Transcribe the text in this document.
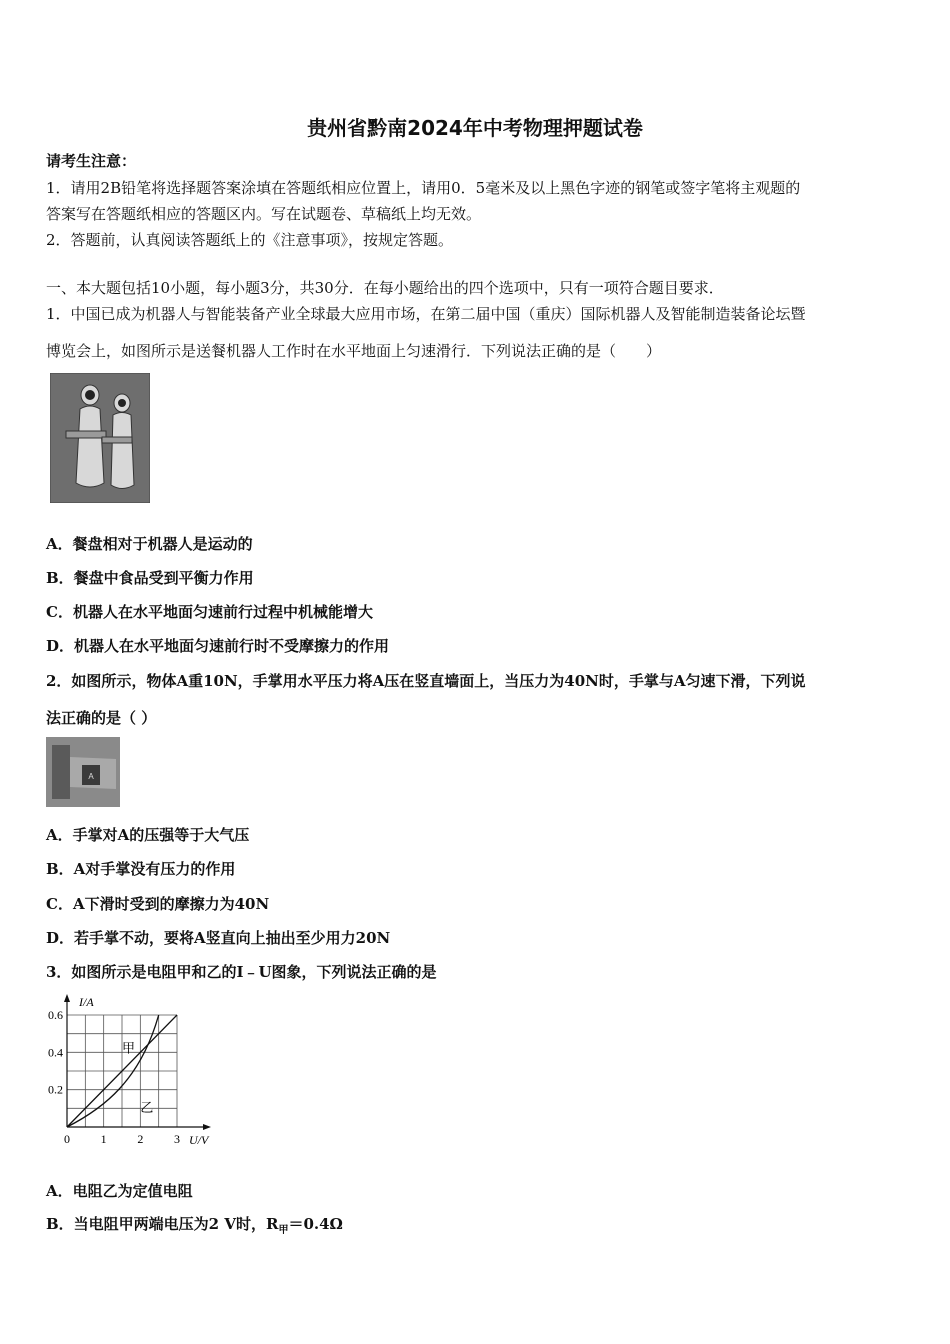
贵州省黔南2024年中考物理押题试卷
请考生注意：
1．请用2B铅笔将选择题答案涂填在答题纸相应位置上，请用0．5毫米及以上黑色字迹的钢笔或签字笔将主观题的
答案写在答题纸相应的答题区内。写在试题卷、草稿纸上均无效。
2．答题前，认真阅读答题纸上的《注意事项》，按规定答题。
一、本大题包括10小题，每小题3分，共30分．在每小题给出的四个选项中，只有一项符合题目要求．
1．中国已成为机器人与智能装备产业全球最大应用市场，在第二届中国（重庆）国际机器人及智能制造装备论坛暨
博览会上，如图所示是送餐机器人工作时在水平地面上匀速滑行．下列说法正确的是（　　）
A．餐盘相对于机器人是运动的
B．餐盘中食品受到平衡力作用
C．机器人在水平地面匀速前行过程中机械能增大
D．机器人在水平地面匀速前行时不受摩擦力的作用
2．如图所示，物体A重10N，手掌用水平压力将A压在竖直墙面上，当压力为40N时，手掌与A匀速下滑，下列说
法正确的是（ ）
A
A．手掌对A的压强等于大气压
B．A对手掌没有压力的作用
C．A下滑时受到的摩擦力为40N
D．若手掌不动，要将A竖直向上抽出至少用力20N
3．如图所示是电阻甲和乙的I﹣U图象，下列说法正确的是
0	1	2	3
0.2
0.4
0.6
U/V
I/A
甲
乙
A．电阻乙为定值电阻
B．当电阻甲两端电压为2 V时，$R_甲=0.4\Omega$
